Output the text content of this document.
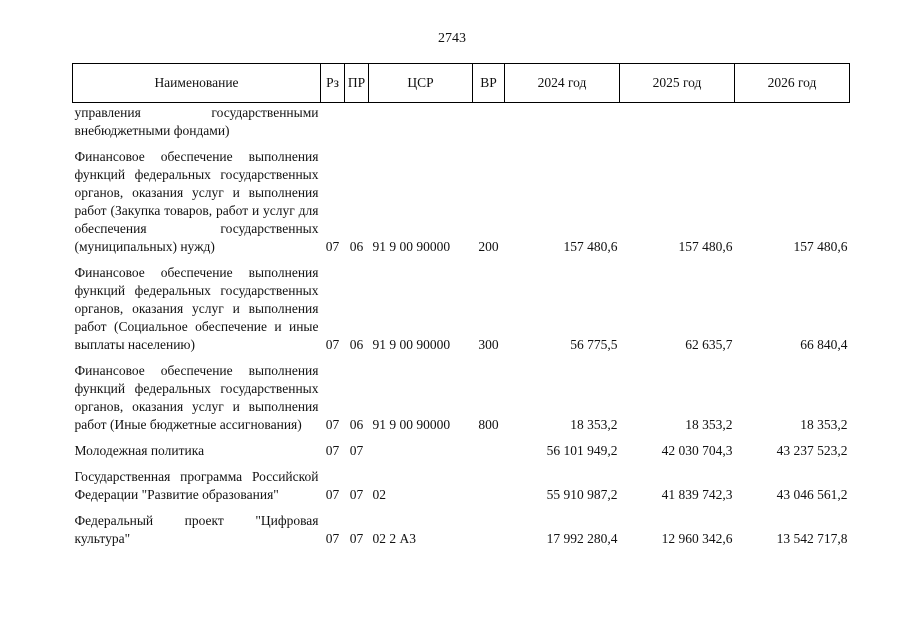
2743
Наименование	Рз	ПР	ЦСР	ВР	2024 год	2025 год	2026 год
управления государственными внебюджетными фондами)							
Финансовое обеспечение выполнения функций федеральных государственных органов, оказания услуг и выполнения работ (Закупка товаров, работ и услуг для обеспечения государственных (муниципальных) нужд)	07	06	91 9 00 90000	200	157 480,6	157 480,6	157 480,6
Финансовое обеспечение выполнения функций федеральных государственных органов, оказания услуг и выполнения работ (Социальное обеспечение и иные выплаты населению)	07	06	91 9 00 90000	300	56 775,5	62 635,7	66 840,4
Финансовое обеспечение выполнения функций федеральных государственных органов, оказания услуг и выполнения работ (Иные бюджетные ассигнования)	07	06	91 9 00 90000	800	18 353,2	18 353,2	18 353,2
Молодежная политика	07	07			56 101 949,2	42 030 704,3	43 237 523,2
Государственная программа Российской Федерации "Развитие образования"	07	07	02		55 910 987,2	41 839 742,3	43 046 561,2
Федеральный проект "Цифровая культура"	07	07	02 2 А3		17 992 280,4	12 960 342,6	13 542 717,8
